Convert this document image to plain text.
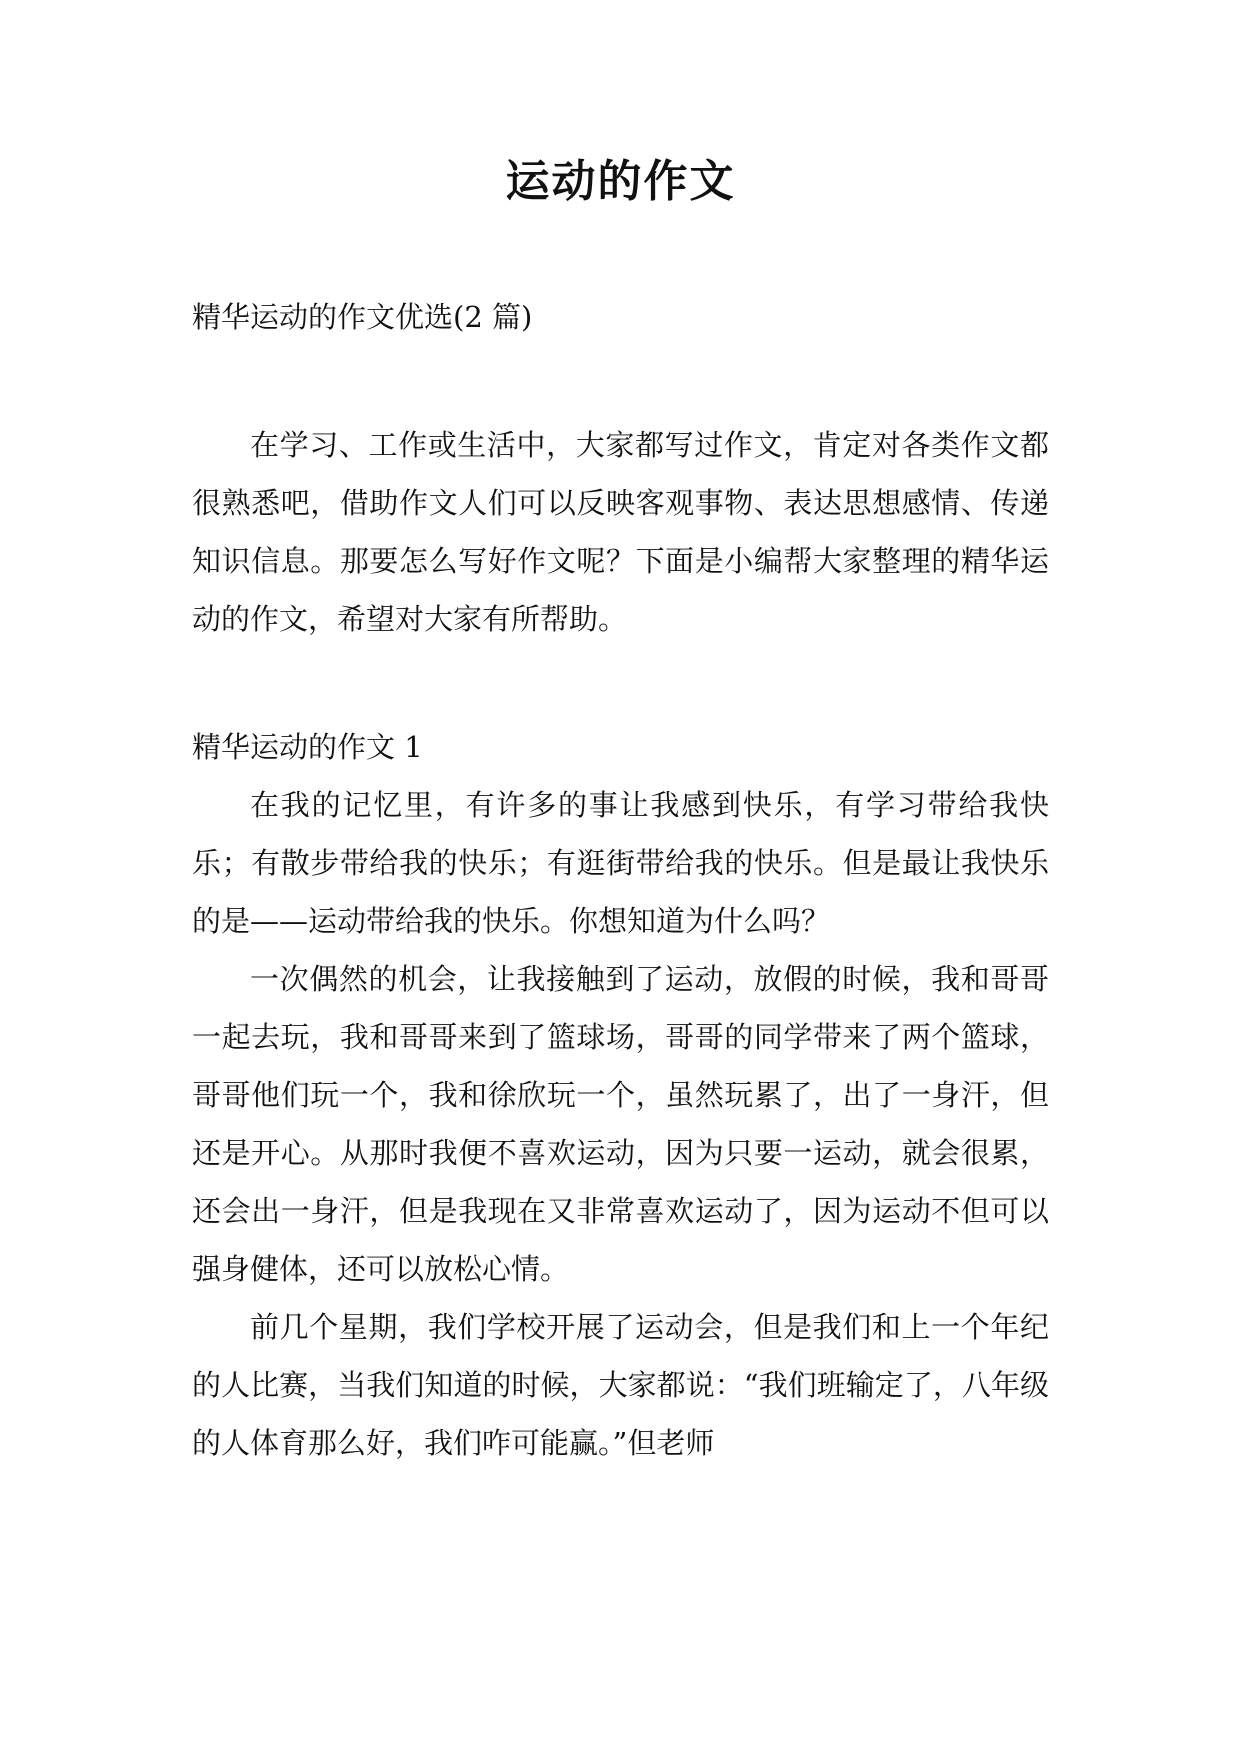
运动的作文

精华运动的作文优选(2 篇)

在学习、工作或生活中，大家都写过作文，肯定对各类作文都很熟悉吧，借助作文人们可以反映客观事物、表达思想感情、传递知识信息。那要怎么写好作文呢？下面是小编帮大家整理的精华运动的作文，希望对大家有所帮助。

精华运动的作文 1

在我的记忆里，有许多的事让我感到快乐，有学习带给我快乐；有散步带给我的快乐；有逛街带给我的快乐。但是最让我快乐的是——运动带给我的快乐。你想知道为什么吗？

一次偶然的机会，让我接触到了运动，放假的时候，我和哥哥一起去玩，我和哥哥来到了篮球场，哥哥的同学带来了两个篮球，哥哥他们玩一个，我和徐欣玩一个，虽然玩累了，出了一身汗，但还是开心。从那时我便不喜欢运动，因为只要一运动，就会很累，还会出一身汗，但是我现在又非常喜欢运动了，因为运动不但可以强身健体，还可以放松心情。

前几个星期，我们学校开展了运动会，但是我们和上一个年纪的人比赛，当我们知道的时候，大家都说：“我们班输定了，八年级的人体育那么好，我们咋可能赢。”但老师
